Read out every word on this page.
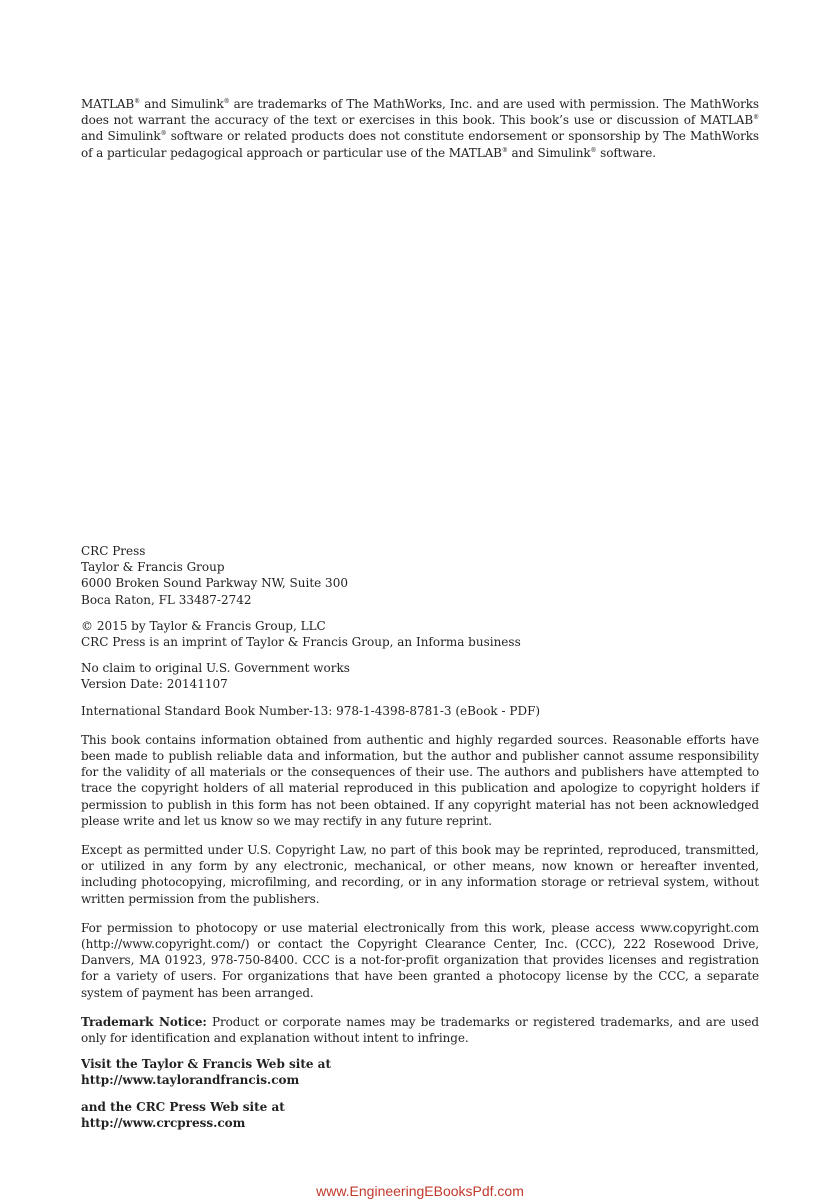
MATLAB® and Simulink® are trademarks of The MathWorks, Inc. and are used with permission. The MathWorks does not warrant the accuracy of the text or exercises in this book. This book’s use or discussion of MATLAB® and Simulink® software or related products does not constitute endorsement or sponsorship by The MathWorks of a particular pedagogical approach or particular use of the MATLAB® and Simulink® software.

CRC Press
Taylor & Francis Group
6000 Broken Sound Parkway NW, Suite 300
Boca Raton, FL 33487-2742
© 2015 by Taylor & Francis Group, LLC
CRC Press is an imprint of Taylor & Francis Group, an Informa business
No claim to original U.S. Government works
Version Date: 20141107
International Standard Book Number-13: 978-1-4398-8781-3 (eBook - PDF)

This book contains information obtained from authentic and highly regarded sources. Reasonable efforts have been made to publish reliable data and information, but the author and publisher cannot assume responsibility for the validity of all materials or the consequences of their use. The authors and publishers have attempted to trace the copyright holders of all material reproduced in this publication and apologize to copyright holders if permission to publish in this form has not been obtained. If any copyright material has not been acknowledged please write and let us know so we may rectify in any future reprint.

Except as permitted under U.S. Copyright Law, no part of this book may be reprinted, reproduced, transmitted, or utilized in any form by any electronic, mechanical, or other means, now known or hereafter invented, including photocopying, microfilming, and recording, or in any information storage or retrieval system, without written permission from the publishers.

For permission to photocopy or use material electronically from this work, please access www.copyright.com (http://www.copyright.com/) or contact the Copyright Clearance Center, Inc. (CCC), 222 Rosewood Drive, Danvers, MA 01923, 978-750-8400. CCC is a not-for-profit organization that provides licenses and registration for a variety of users. For organizations that have been granted a photocopy license by the CCC, a separate system of payment has been arranged.

Trademark Notice: Product or corporate names may be trademarks or registered trademarks, and are used only for identification and explanation without intent to infringe.

Visit the Taylor & Francis Web site at
http://www.taylorandfrancis.com
and the CRC Press Web site at
http://www.crcpress.com
www.EngineeringEBooksPdf.com
